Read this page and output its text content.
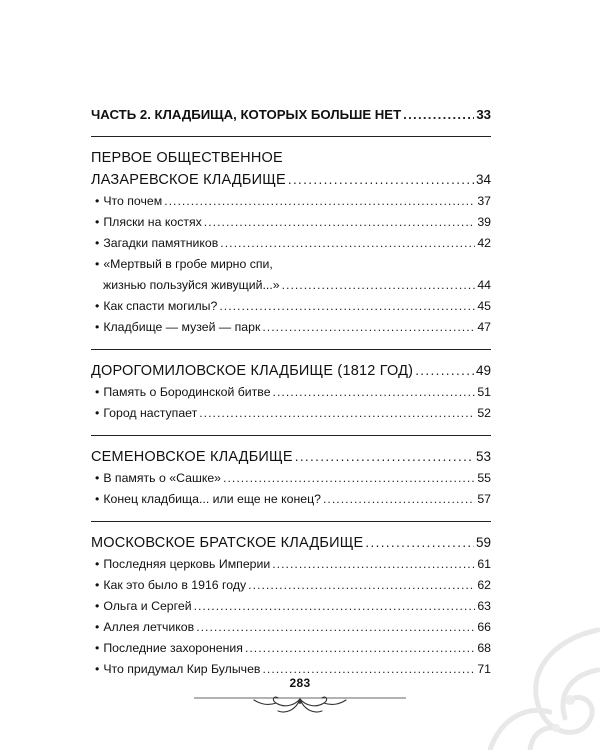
ЧАСТЬ 2. КЛАДБИЩА, КОТОРЫХ БОЛЬШЕ НЕТ . . .	33
ПЕРВОЕ ОБЩЕСТВЕННОЕ
ЛАЗАРЕВСКОЕ КЛАДБИЩЕ . . .	34
• Что почем . . .	37
• Пляски на костях . . .	39
• Загадки памятников . . .	42
• «Мертвый в гробе мирно спи,
жизнью пользуйся живущий...» . . .	44
• Как спасти могилы? . . .	45
• Кладбище — музей — парк . . .	47
ДОРОГОМИЛОВСКОЕ КЛАДБИЩЕ (1812 ГОД) . . .	49
• Память о Бородинской битве . . .	51
• Город наступает . . .	52
СЕМЕНОВСКОЕ КЛАДБИЩЕ . . .	53
• В память о «Сашке» . . .	55
• Конец кладбища... или еще не конец? . . .	57
МОСКОВСКОЕ БРАТСКОЕ КЛАДБИЩЕ . . .	59
• Последняя церковь Империи . . .	61
• Как это было в 1916 году . . .	62
• Ольга и Сергей . . .	63
• Аллея летчиков . . .	66
• Последние захоронения . . .	68
• Что придумал Кир Булычев . . .	71
283
